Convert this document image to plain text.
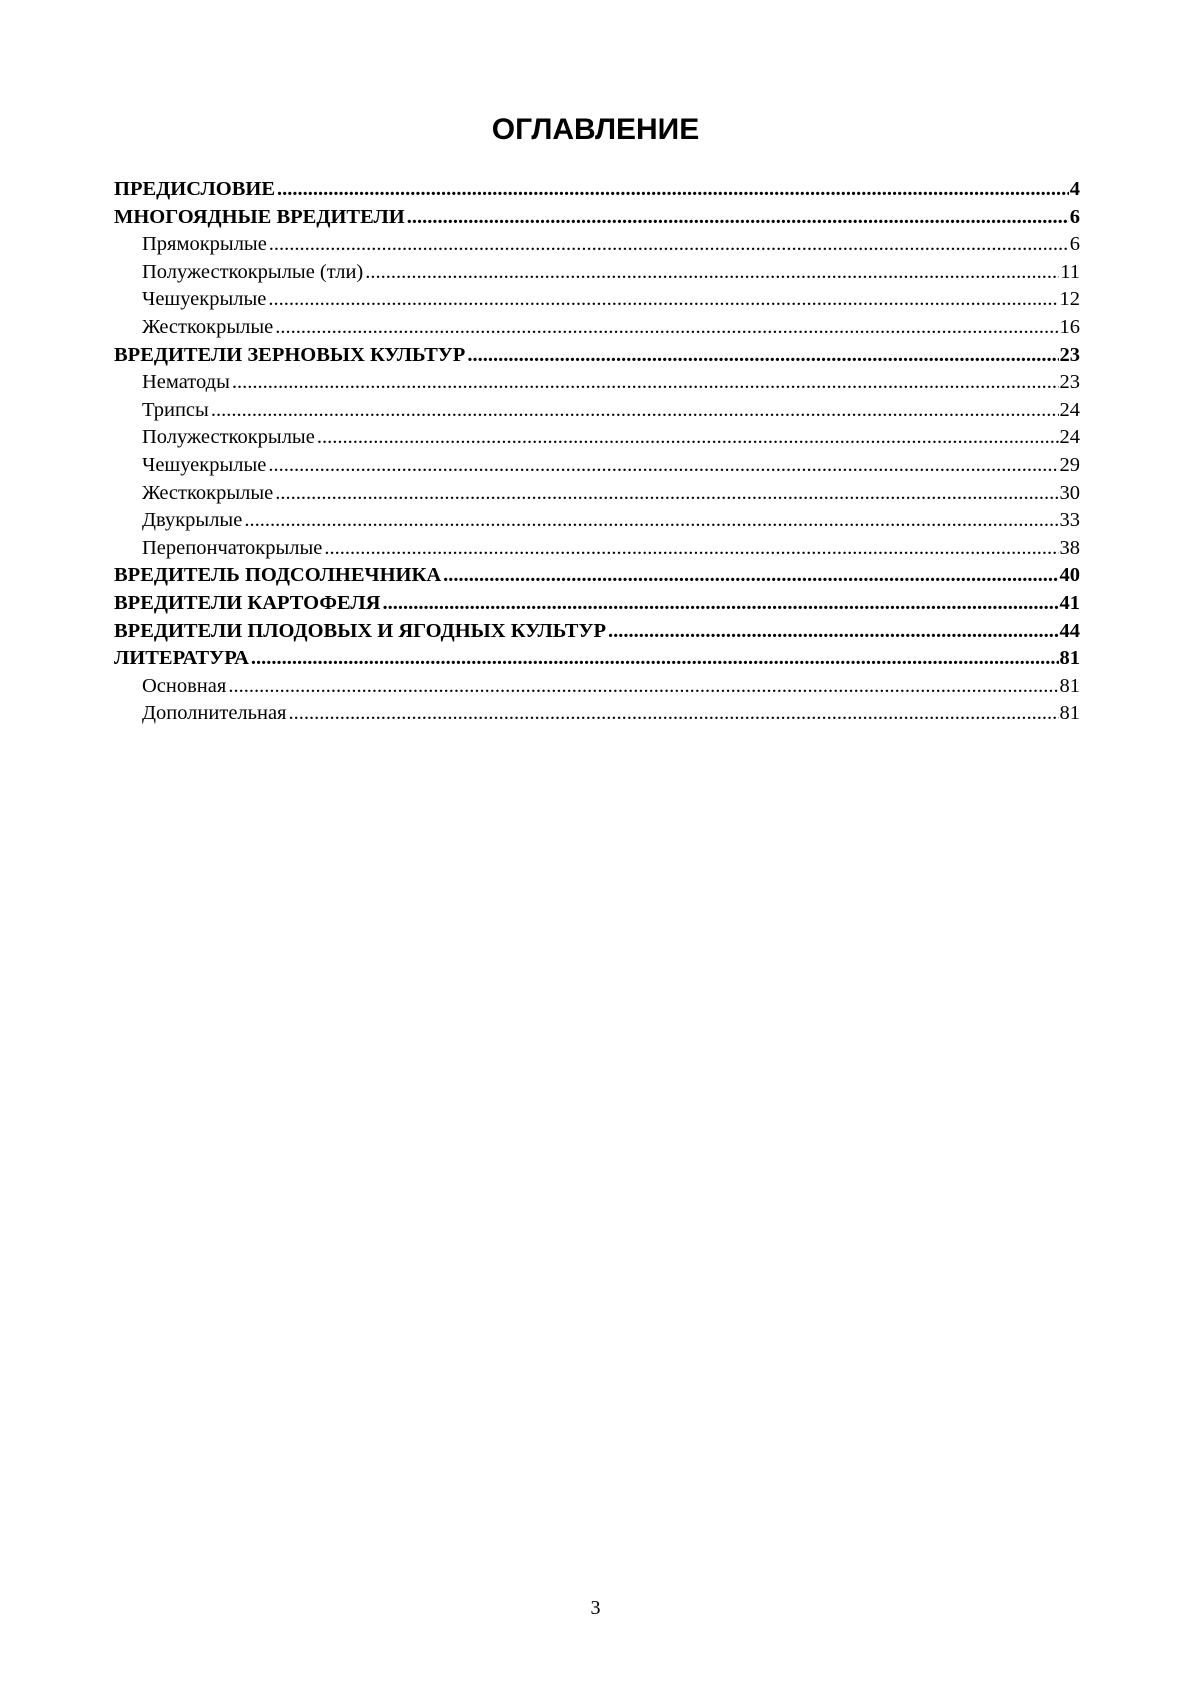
ОГЛАВЛЕНИЕ
ПРЕДИСЛОВИЕ .....	4
МНОГОЯДНЫЕ ВРЕДИТЕЛИ .....	6
Прямокрылые .....	6
Полужесткокрылые (тли) .....	11
Чешуекрылые .....	12
Жесткокрылые .....	16
ВРЕДИТЕЛИ ЗЕРНОВЫХ КУЛЬТУР .....	23
Нематоды .....	23
Трипсы .....	24
Полужесткокрылые .....	24
Чешуекрылые .....	29
Жесткокрылые .....	30
Двукрылые .....	33
Перепончатокрылые .....	38
ВРЕДИТЕЛЬ ПОДСОЛНЕЧНИКА .....	40
ВРЕДИТЕЛИ КАРТОФЕЛЯ .....	41
ВРЕДИТЕЛИ ПЛОДОВЫХ И ЯГОДНЫХ КУЛЬТУР .....	44
ЛИТЕРАТУРА .....	81
Основная .....	81
Дополнительная .....	81
3
